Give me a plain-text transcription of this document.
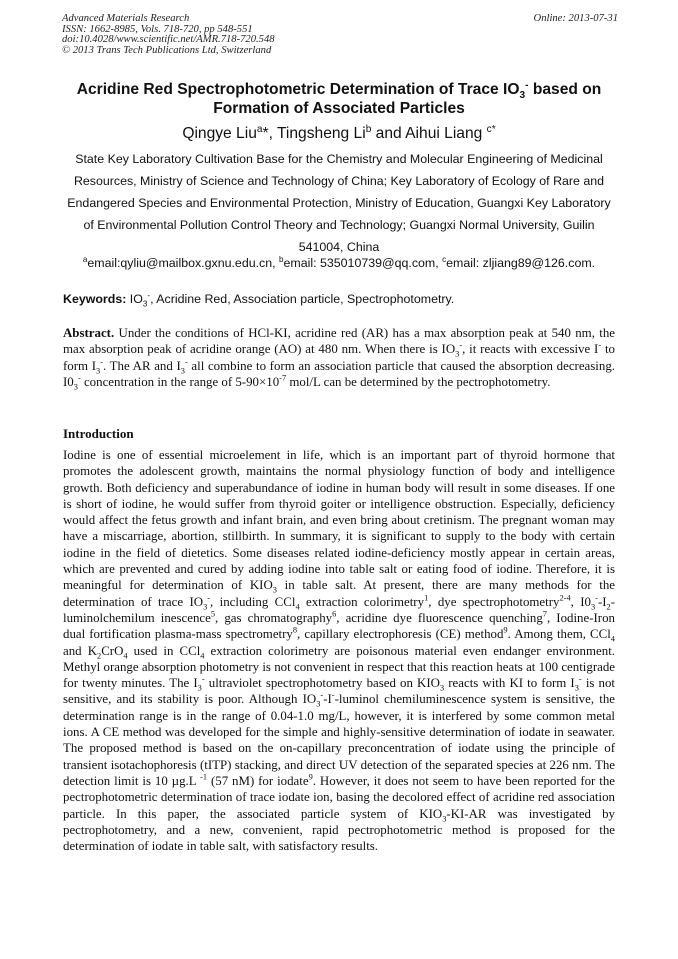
Advanced Materials Research	Online: 2013-07-31
ISSN: 1662-8985, Vols. 718-720, pp 548-551
doi:10.4028/www.scientific.net/AMR.718-720.548
© 2013 Trans Tech Publications Ltd, Switzerland
Acridine Red Spectrophotometric Determination of Trace $IO_3^-$ based on
Formation of Associated Particles
Qingye Liu$^a$*, Tingsheng Li$^b$ and Aihui Liang $^{c*}$
State Key Laboratory Cultivation Base for the Chemistry and Molecular Engineering of Medicinal
Resources, Ministry of Science and Technology of China; Key Laboratory of Ecology of Rare and
Endangered Species and Environmental Protection, Ministry of Education, Guangxi Key Laboratory
of Environmental Pollution Control Theory and Technology; Guangxi Normal University, Guilin
541004, China
$^a$email:qyliu@mailbox.gxnu.edu.cn, $^b$email: 535010739@qq.com, $^c$email: zljiang89@126.com.
Keywords: $IO_3^-$, Acridine Red, Association particle, Spectrophotometry.
Abstract. Under the conditions of HCl-KI, acridine red (AR) has a max absorption peak at 540 nm, the max absorption peak of acridine orange (AO) at 480 nm. When there is $IO_3^-$, it reacts with excessive I- to form $I_3^-$. The AR and $I_3^-$ all combine to form an association particle that caused the absorption decreasing. $I0_3^-$ concentration in the range of $5-90\times 10^{-7}$ mol/L can be determined by the pectrophotometry.
Introduction
Iodine is one of essential microelement in life, which is an important part of thyroid hormone that promotes the adolescent growth, maintains the normal physiology function of body and intelligence growth. Both deficiency and superabundance of iodine in human body will result in some diseases. If one is short of iodine, he would suffer from thyroid goiter or intelligence obstruction. Especially, deficiency would affect the fetus growth and infant brain, and even bring about cretinism. The pregnant woman may have a miscarriage, abortion, stillbirth. In summary, it is significant to supply to the body with certain iodine in the field of dietetics. Some diseases related iodine-deficiency mostly appear in certain areas, which are prevented and cured by adding iodine into table salt or eating food of iodine. Therefore, it is meaningful for determination of $KIO_3$ in table salt. At present, there are many methods for the determination of trace $IO_3^-$, including CCl$_4$ extraction colorimetry$^1$, dye spectrophotometry$^{2-4}$, $I0_3^--I_2$-luminolchemilum inescence$^5$, gas chromatography$^6$, acridine dye fluorescence quenching$^7$, Iodine-Iron dual fortification plasma-mass spectrometry$^8$, capillary electrophoresis (CE) method$^9$. Among them, CCl$_4$ and $K_2CrO_4$ used in CCl$_4$ extraction colorimetry are poisonous material even endanger environment. Methyl orange absorption photometry is not convenient in respect that this reaction heats at 100 centigrade for twenty minutes. The $I_3^-$ ultraviolet spectrophotometry based on $KIO_3$ reacts with KI to form $I_3^-$ is not sensitive, and its stability is poor. Although $IO_3^--I^-$-luminol chemiluminescence system is sensitive, the determination range is in the range of 0.04-1.0 mg/L, however, it is interfered by some common metal ions. A CE method was developed for the simple and highly-sensitive determination of iodate in seawater. The proposed method is based on the on-capillary preconcentration of iodate using the principle of transient isotachophoresis (tITP) stacking, and direct UV detection of the separated species at 226 nm. The detection limit is 10 µg.L $^{-1}$ (57 nM) for iodate$^9$. However, it does not seem to have been reported for the pectrophotometric determination of trace iodate ion, basing the decolored effect of acridine red association particle. In this paper, the associated particle system of $KIO_3-KI-AR$ was investigated by pectrophotometry, and a new, convenient, rapid pectrophotometric method is proposed for the determination of iodate in table salt, with satisfactory results.
